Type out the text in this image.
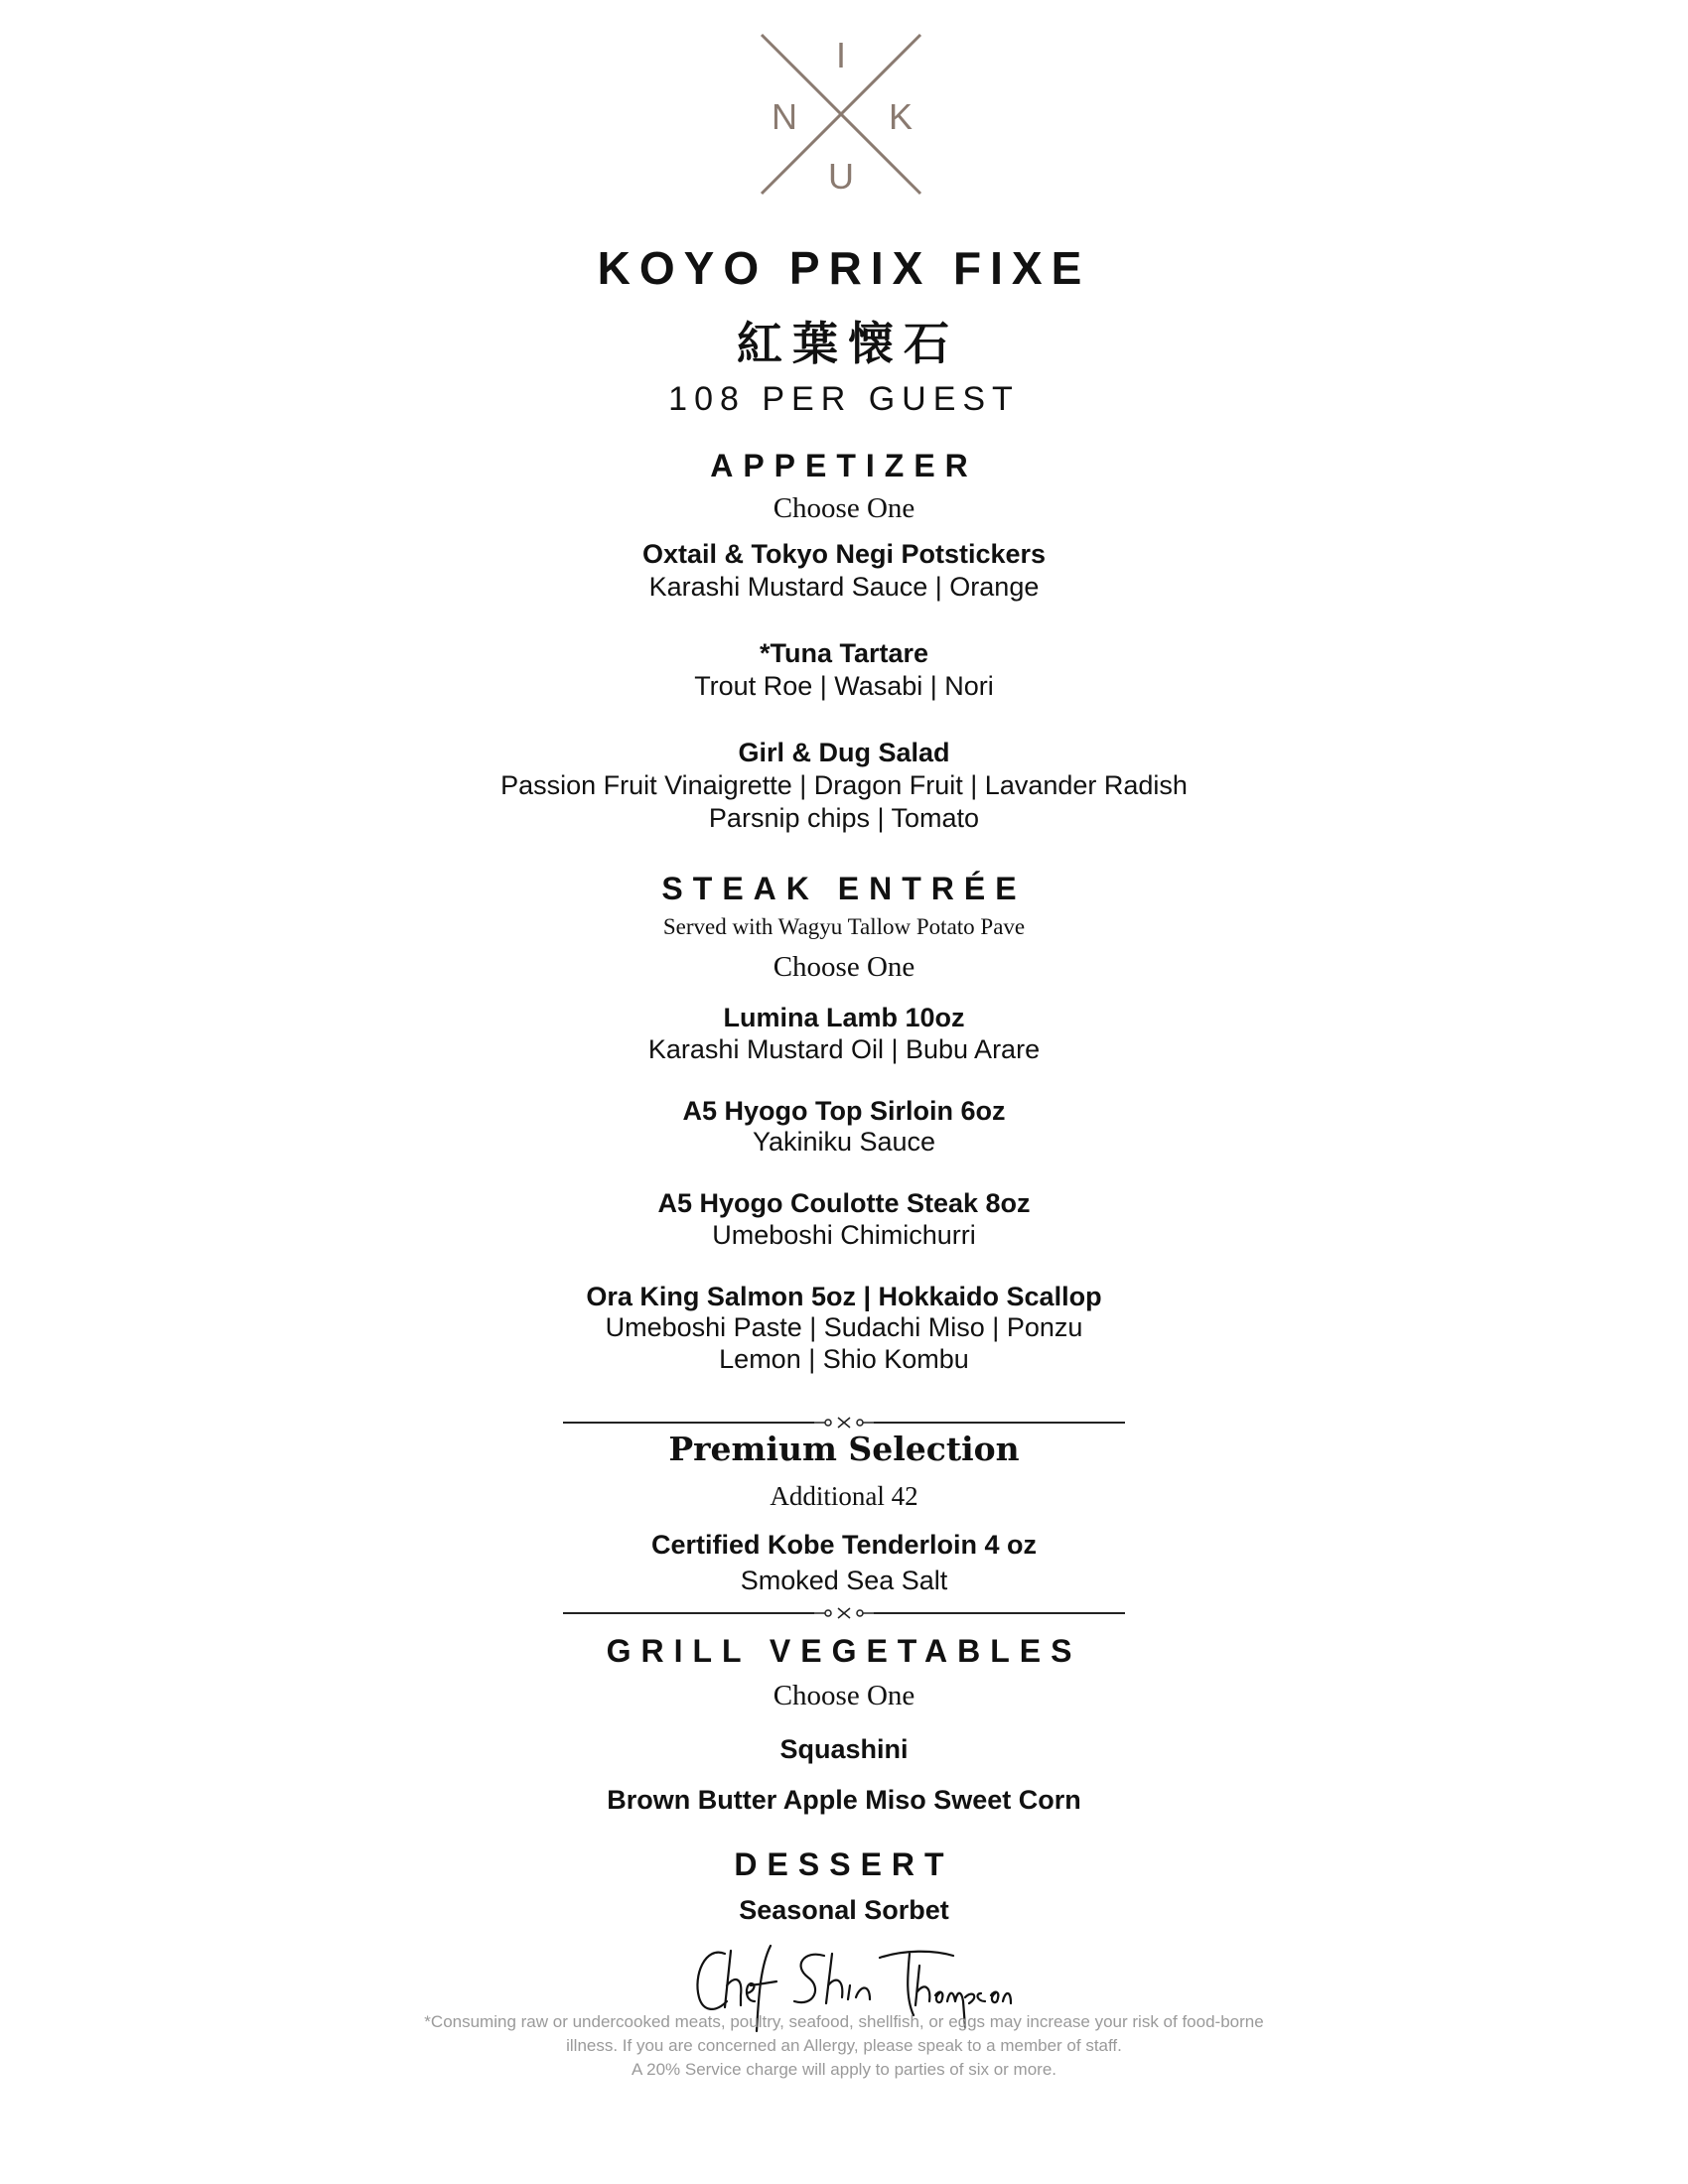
I
N	K
U
KOYO PRIX FIXE
紅葉懐石
108 PER GUEST
APPETIZER
Choose One
Oxtail & Tokyo Negi Potstickers
Karashi Mustard Sauce | Orange
*Tuna Tartare
Trout Roe | Wasabi | Nori
Girl & Dug Salad
Passion Fruit Vinaigrette | Dragon Fruit | Lavander Radish
Parsnip chips | Tomato
STEAK ENTRÉE
Served with Wagyu Tallow Potato Pave
Choose One
Lumina Lamb 10oz
Karashi Mustard Oil | Bubu Arare
A5 Hyogo Top Sirloin 6oz
Yakiniku Sauce
A5 Hyogo Coulotte Steak 8oz
Umeboshi Chimichurri
Ora King Salmon 5oz | Hokkaido Scallop
Umeboshi Paste | Sudachi Miso | Ponzu
Lemon | Shio Kombu
Premium Selection
Additional 42
Certified Kobe Tenderloin 4 oz
Smoked Sea Salt
GRILL VEGETABLES
Choose One
Squashini
Brown Butter Apple Miso Sweet Corn
DESSERT
Seasonal Sorbet
Chef Shin Thompson
*Consuming raw or undercooked meats, poultry, seafood, shellfish, or eggs may increase your risk of food-borne
illness. If you are concerned an Allergy, please speak to a member of staff.
A 20% Service charge will apply to parties of six or more.
